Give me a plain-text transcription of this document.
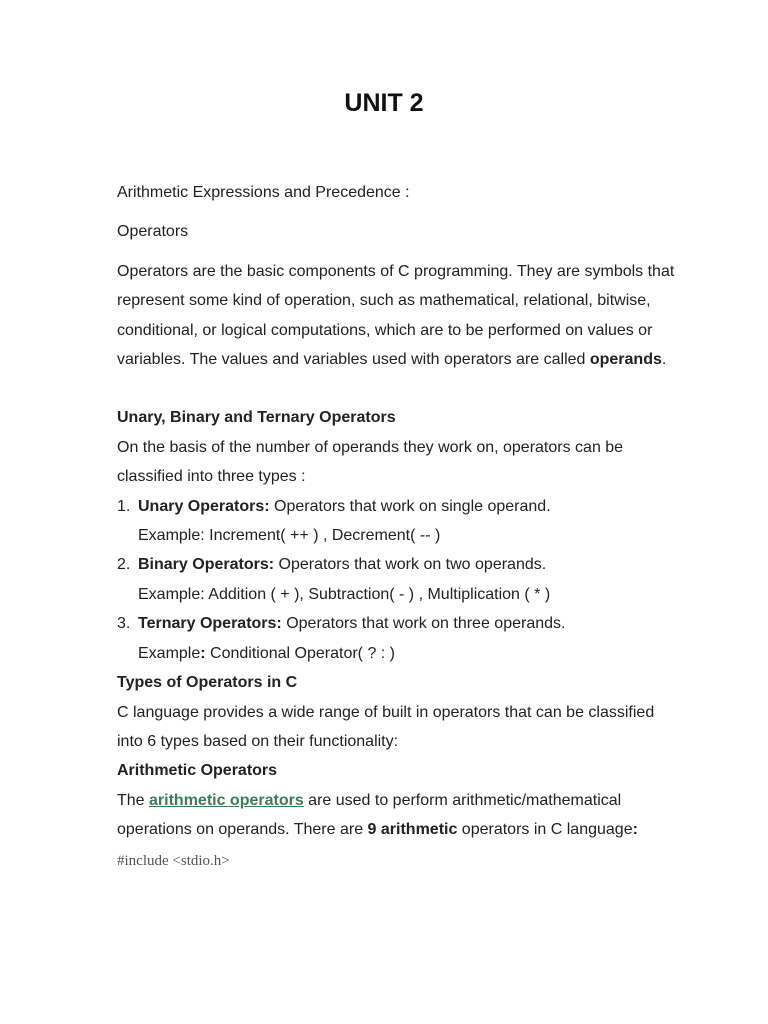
UNIT 2

Arithmetic Expressions and Precedence :

Operators

Operators are the basic components of C programming. They are symbols that represent some kind of operation, such as mathematical, relational, bitwise, conditional, or logical computations, which are to be performed on values or variables. The values and variables used with operators are called operands.

Unary, Binary and Ternary Operators

On the basis of the number of operands they work on, operators can be classified into three types :

1. Unary Operators: Operators that work on single operand.
Example: Increment( ++ ) , Decrement( -- )
2. Binary Operators: Operators that work on two operands.
Example: Addition ( + ), Subtraction( - ) , Multiplication ( * )
3. Ternary Operators: Operators that work on three operands.
Example: Conditional Operator( ? : )

Types of Operators in C

C language provides a wide range of built in operators that can be classified into 6 types based on their functionality:

Arithmetic Operators

The arithmetic operators are used to perform arithmetic/mathematical operations on operands. There are 9 arithmetic operators in C language:

#include <stdio.h>
